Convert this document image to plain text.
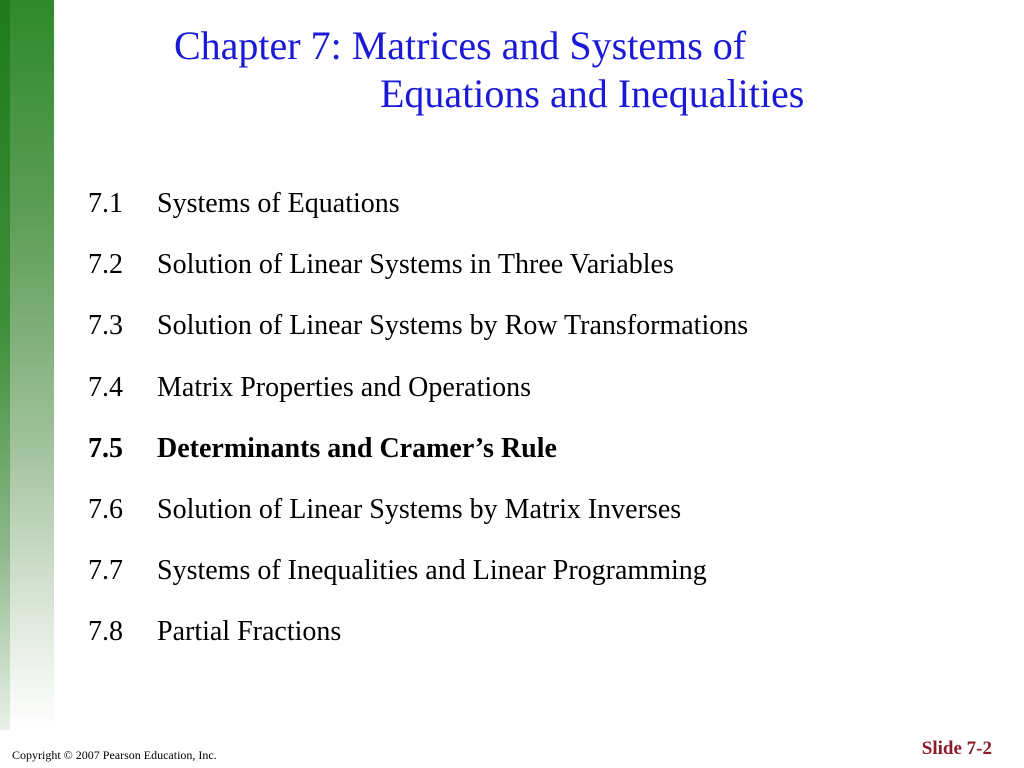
Chapter 7: Matrices and Systems of
Equations and Inequalities
7.1 Systems of Equations
7.2 Solution of Linear Systems in Three Variables
7.3 Solution of Linear Systems by Row Transformations
7.4 Matrix Properties and Operations
7.5 Determinants and Cramer’s Rule
7.6 Solution of Linear Systems by Matrix Inverses
7.7 Systems of Inequalities and Linear Programming
7.8 Partial Fractions
Copyright © 2007 Pearson Education, Inc.	Slide 7-2
